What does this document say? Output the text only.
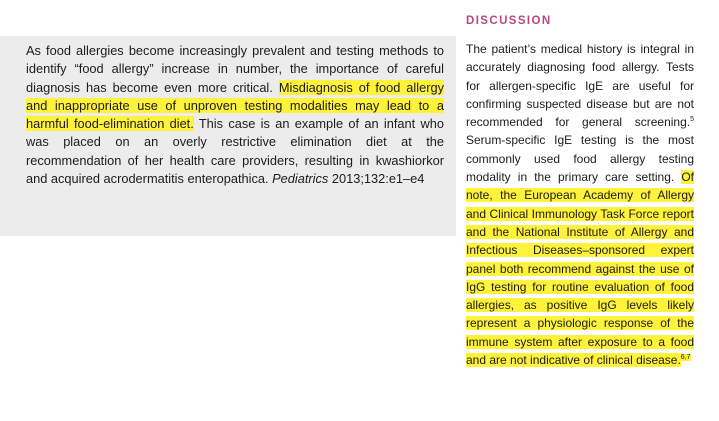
As food allergies become increasingly prevalent and testing methods to identify “food allergy” increase in number, the importance of careful diagnosis has become even more critical. Misdiagnosis of food allergy and inappropriate use of unproven testing modalities may lead to a harmful food-elimination diet. This case is an example of an infant who was placed on an overly restrictive elimination diet at the recommendation of her health care providers, resulting in kwashiorkor and acquired acrodermatitis enteropathica. Pediatrics 2013;132:e1–e4

DISCUSSION

The patient’s medical history is integral in accurately diagnosing food allergy. Tests for allergen-specific IgE are useful for confirming suspected disease but are not recommended for general screening.$^5$ Serum-specific IgE testing is the most commonly used food allergy testing modality in the primary care setting. Of note, the European Academy of Allergy and Clinical Immunology Task Force report and the National Institute of Allergy and Infectious Diseases–sponsored expert panel both recommend against the use of IgG testing for routine evaluation of food allergies, as positive IgG levels likely represent a physiologic response of the immune system after exposure to a food and are not indicative of clinical disease.$^{6,7}$
